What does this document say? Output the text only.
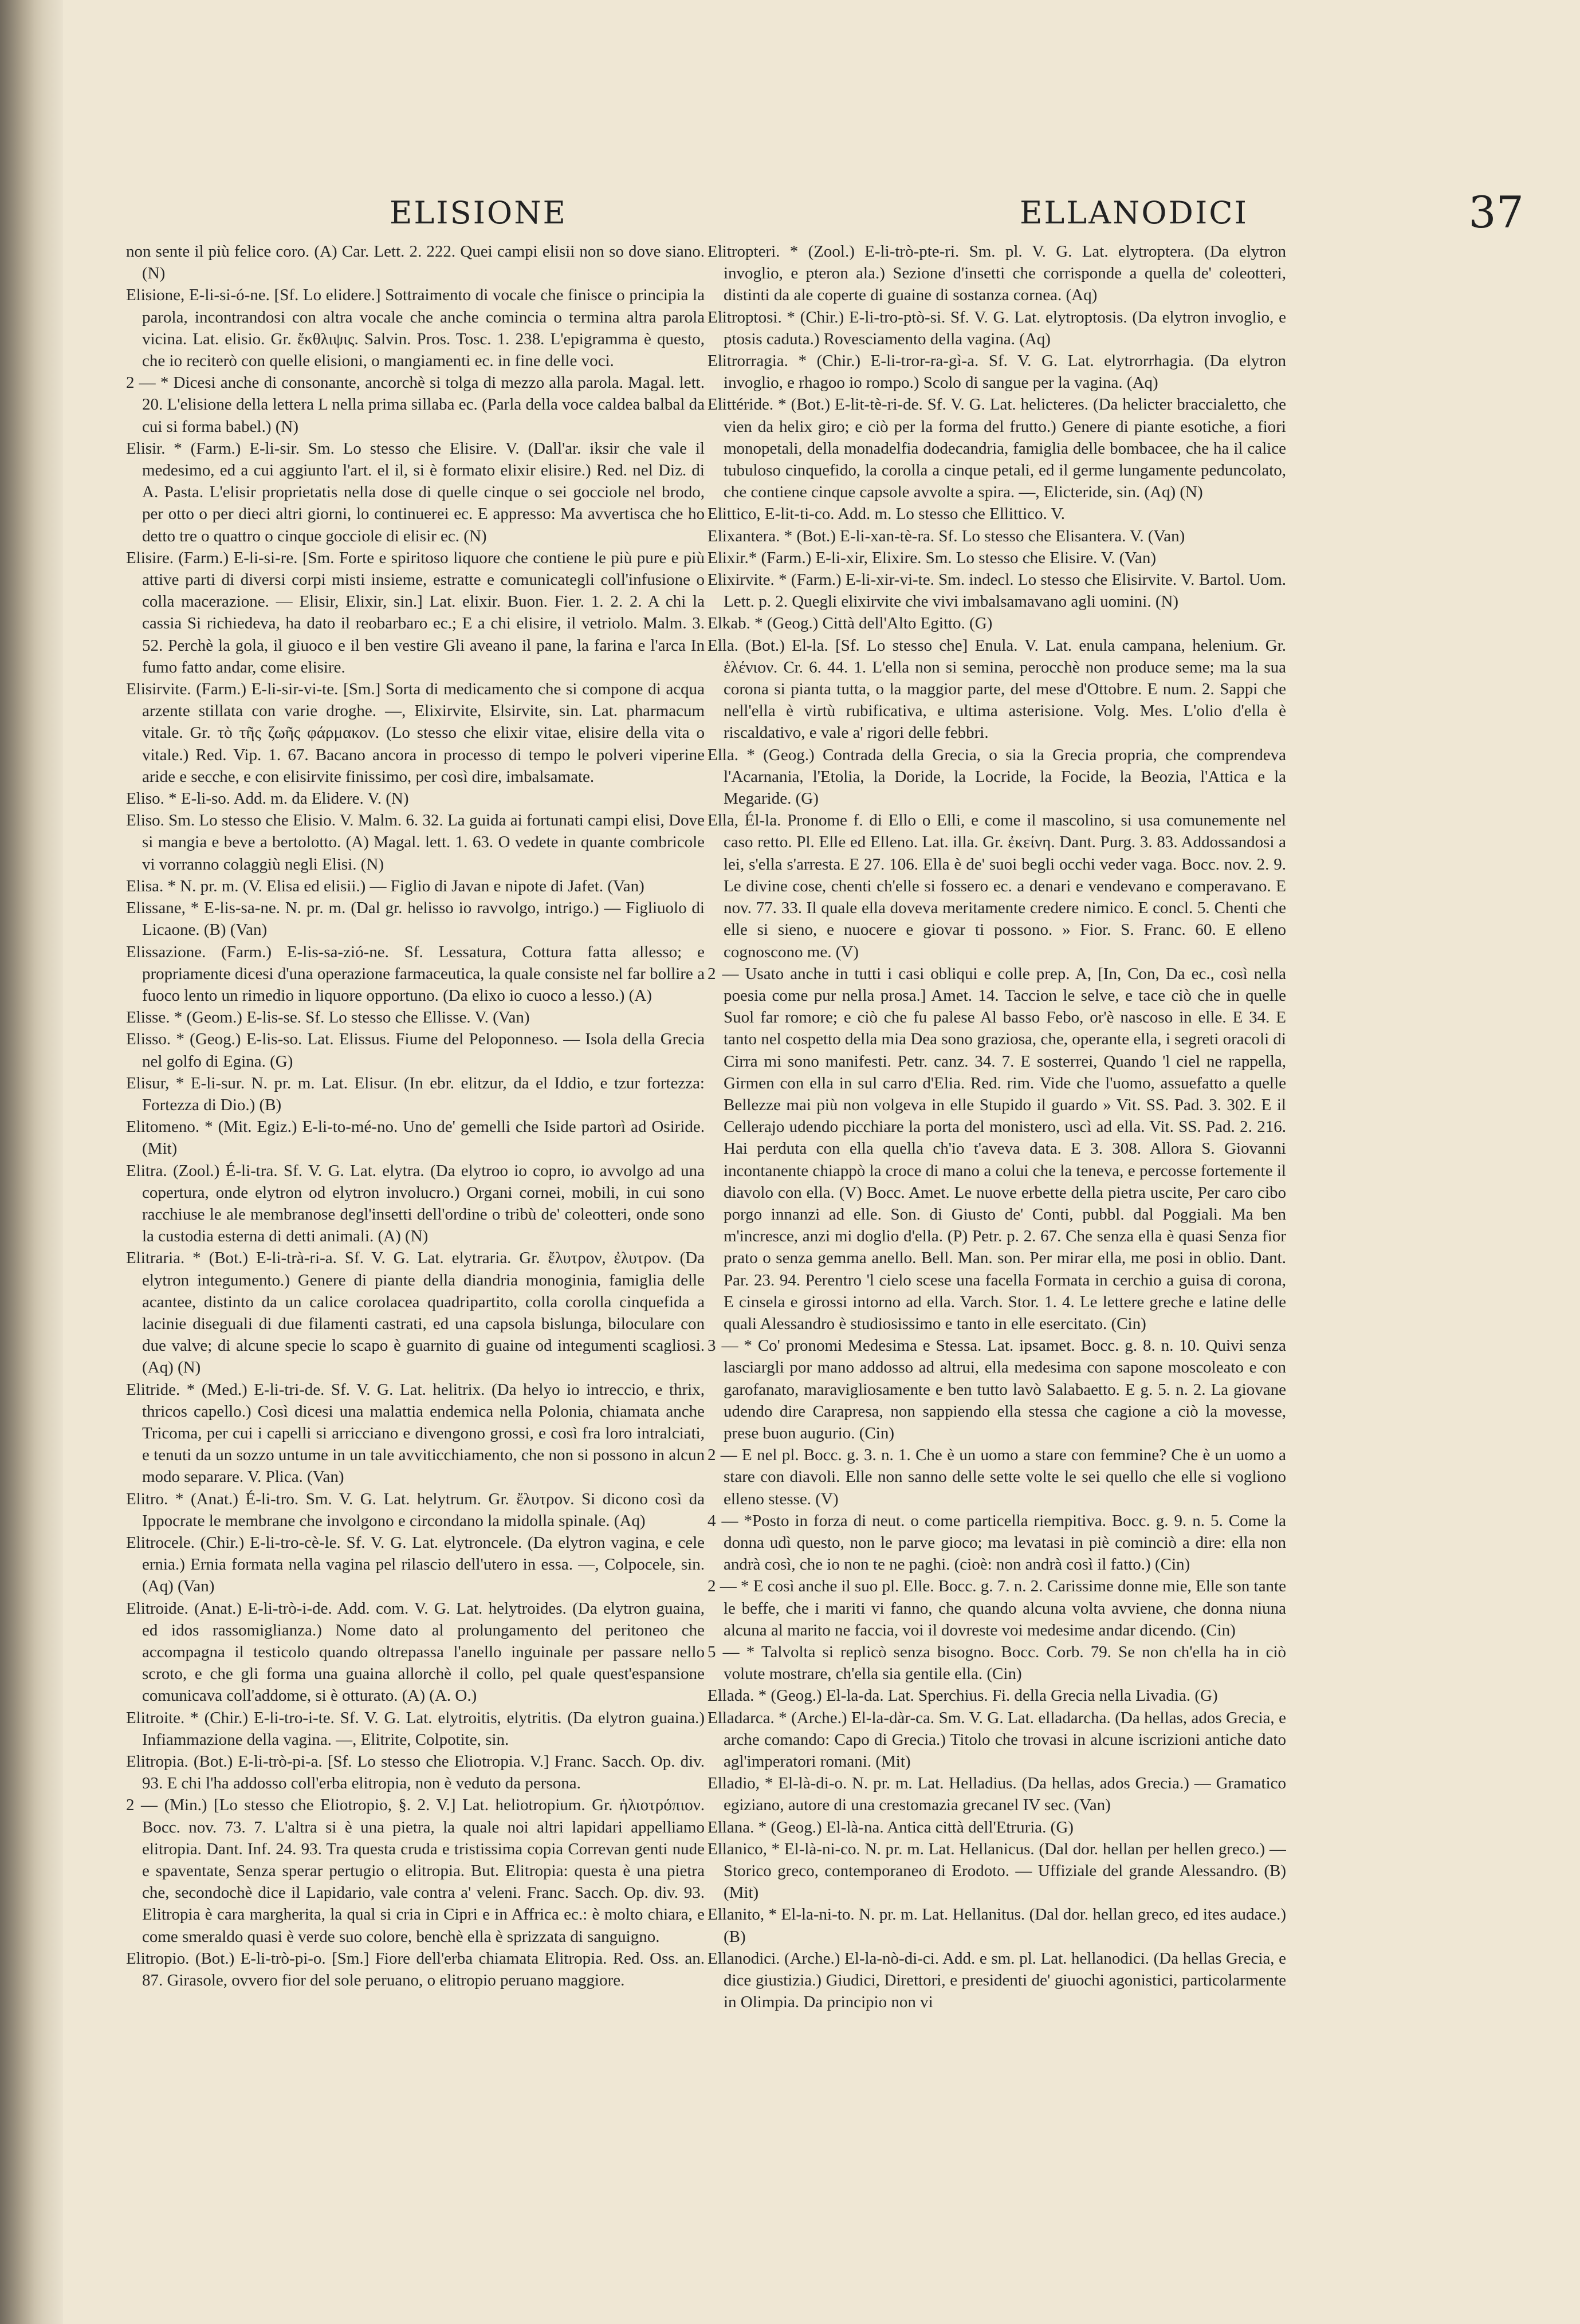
ELISIONE	ELLANODICI	37

non sente il più felice coro. (A) Car. Lett. 2. 222. Quei campi elisii non so dove siano. (N)

Elisione, E-li-si-ó-ne. [Sf. Lo elidere.] Sottraimento di vocale che finisce o principia la parola, incontrandosi con altra vocale che anche comincia o termina altra parola vicina. Lat. elisio. Gr. ἔκθλιψις. Salvin. Pros. Tosc. 1. 238. L'epigramma è questo, che io reciterò con quelle elisioni, o mangiamenti ec. in fine delle voci.

2 — * Dicesi anche di consonante, ancorchè si tolga di mezzo alla parola. Magal. lett. 20. L'elisione della lettera L nella prima sillaba ec. (Parla della voce caldea balbal da cui si forma babel.) (N)

Elisir. * (Farm.) E-li-sir. Sm. Lo stesso che Elisire. V. (Dall'ar. iksir che vale il medesimo, ed a cui aggiunto l'art. el il, si è formato elixir elisire.) Red. nel Diz. di A. Pasta. L'elisir proprietatis nella dose di quelle cinque o sei gocciole nel brodo, per otto o per dieci altri giorni, lo continuerei ec. E appresso: Ma avvertisca che ho detto tre o quattro o cinque gocciole di elisir ec. (N)

Elisire. (Farm.) E-li-si-re. [Sm. Forte e spiritoso liquore che contiene le più pure e più attive parti di diversi corpi misti insieme, estratte e comunicategli coll'infusione o colla macerazione. — Elisir, Elixir, sin.] Lat. elixir. Buon. Fier. 1. 2. 2. A chi la cassia Si richiedeva, ha dato il reobarbaro ec.; E a chi elisire, il vetriolo. Malm. 3. 52. Perchè la gola, il giuoco e il ben vestire Gli aveano il pane, la farina e l'arca In fumo fatto andar, come elisire.

Elisirvite. (Farm.) E-li-sir-vi-te. [Sm.] Sorta di medicamento che si compone di acqua arzente stillata con varie droghe. —, Elixirvite, Elsirvite, sin. Lat. pharmacum vitale. Gr. τὸ τῆς ζωῆς φάρμακον. (Lo stesso che elixir vitae, elisire della vita o vitale.) Red. Vip. 1. 67. Bacano ancora in processo di tempo le polveri viperine aride e secche, e con elisirvite finissimo, per così dire, imbalsamate.

Eliso. * E-li-so. Add. m. da Elidere. V. (N)

Eliso. Sm. Lo stesso che Elisio. V. Malm. 6. 32. La guida ai fortunati campi elisi, Dove si mangia e beve a bertolotto. (A) Magal. lett. 1. 63. O vedete in quante combricole vi vorranno colaggiù negli Elisi. (N)

Elisa. * N. pr. m. (V. Elisa ed elisii.) — Figlio di Javan e nipote di Jafet. (Van)

Elissane, * E-lis-sa-ne. N. pr. m. (Dal gr. helisso io ravvolgo, intrigo.) — Figliuolo di Licaone. (B) (Van)

Elissazione. (Farm.) E-lis-sa-zió-ne. Sf. Lessatura, Cottura fatta allesso; e propriamente dicesi d'una operazione farmaceutica, la quale consiste nel far bollire a fuoco lento un rimedio in liquore opportuno. (Da elixo io cuoco a lesso.) (A)

Elisse. * (Geom.) E-lis-se. Sf. Lo stesso che Ellisse. V. (Van)

Elisso. * (Geog.) E-lis-so. Lat. Elissus. Fiume del Peloponneso. — Isola della Grecia nel golfo di Egina. (G)

Elisur, * E-li-sur. N. pr. m. Lat. Elisur. (In ebr. elitzur, da el Iddio, e tzur fortezza: Fortezza di Dio.) (B)

Elitomeno. * (Mit. Egiz.) E-li-to-mé-no. Uno de' gemelli che Iside partorì ad Osiride. (Mit)

Elitra. (Zool.) É-li-tra. Sf. V. G. Lat. elytra. (Da elytroo io copro, io avvolgo ad una copertura, onde elytron od elytron involucro.) Organi cornei, mobili, in cui sono racchiuse le ale membranose degl'insetti dell'ordine o tribù de' coleotteri, onde sono la custodia esterna di detti animali. (A) (N)

Elitraria. * (Bot.) E-li-trà-ri-a. Sf. V. G. Lat. elytraria. Gr. ἔλυτρον, ἐλυτρον. (Da elytron integumento.) Genere di piante della diandria monoginia, famiglia delle acantee, distinto da un calice corolacea quadripartito, colla corolla cinquefida a lacinie diseguali di due filamenti castrati, ed una capsola bislunga, biloculare con due valve; di alcune specie lo scapo è guarnito di guaine od integumenti scagliosi. (Aq) (N)

Elitride. * (Med.) E-li-tri-de. Sf. V. G. Lat. helitrix. (Da helyo io intreccio, e thrix, thricos capello.) Così dicesi una malattia endemica nella Polonia, chiamata anche Tricoma, per cui i capelli si arricciano e divengono grossi, e così fra loro intralciati, e tenuti da un sozzo untume in un tale avviticchiamento, che non si possono in alcun modo separare. V. Plica. (Van)

Elitro. * (Anat.) É-li-tro. Sm. V. G. Lat. helytrum. Gr. ἔλυτρον. Si dicono così da Ippocrate le membrane che involgono e circondano la midolla spinale. (Aq)

Elitrocele. (Chir.) E-li-tro-cè-le. Sf. V. G. Lat. elytroncele. (Da elytron vagina, e cele ernia.) Ernia formata nella vagina pel rilascio dell'utero in essa. —, Colpocele, sin. (Aq) (Van)

Elitroide. (Anat.) E-li-trò-i-de. Add. com. V. G. Lat. helytroides. (Da elytron guaina, ed idos rassomiglianza.) Nome dato al prolungamento del peritoneo che accompagna il testicolo quando oltrepassa l'anello inguinale per passare nello scroto, e che gli forma una guaina allorchè il collo, pel quale quest'espansione comunicava coll'addome, si è otturato. (A) (A. O.)

Elitroite. * (Chir.) E-li-tro-i-te. Sf. V. G. Lat. elytroitis, elytritis. (Da elytron guaina.) Infiammazione della vagina. —, Elitrite, Colpotite, sin.

Elitropia. (Bot.) E-li-trò-pi-a. [Sf. Lo stesso che Eliotropia. V.] Franc. Sacch. Op. div. 93. E chi l'ha addosso coll'erba elitropia, non è veduto da persona.

2 — (Min.) [Lo stesso che Eliotropio, §. 2. V.] Lat. heliotropium. Gr. ἡλιοτρόπιον. Bocc. nov. 73. 7. L'altra si è una pietra, la quale noi altri lapidari appelliamo elitropia. Dant. Inf. 24. 93. Tra questa cruda e tristissima copia Correvan genti nude e spaventate, Senza sperar pertugio o elitropia. But. Elitropia: questa è una pietra che, secondochè dice il Lapidario, vale contra a' veleni. Franc. Sacch. Op. div. 93. Elitropia è cara margherita, la qual si cria in Cipri e in Affrica ec.: è molto chiara, e come smeraldo quasi è verde suo colore, benchè ella è sprizzata di sanguigno.

Elitropio. (Bot.) E-li-trò-pi-o. [Sm.] Fiore dell'erba chiamata Elitropia. Red. Oss. an. 87. Girasole, ovvero fior del sole peruano, o elitropio peruano maggiore.

Elitropteri. * (Zool.) E-li-trò-pte-ri. Sm. pl. V. G. Lat. elytroptera. (Da elytron invoglio, e pteron ala.) Sezione d'insetti che corrisponde a quella de' coleotteri, distinti da ale coperte di guaine di sostanza cornea. (Aq)

Elitroptosi. * (Chir.) E-li-tro-ptò-si. Sf. V. G. Lat. elytroptosis. (Da elytron invoglio, e ptosis caduta.) Rovesciamento della vagina. (Aq)

Elitrorragia. * (Chir.) E-li-tror-ra-gì-a. Sf. V. G. Lat. elytrorrhagia. (Da elytron invoglio, e rhagoo io rompo.) Scolo di sangue per la vagina. (Aq)

Elittéride. * (Bot.) E-lit-tè-ri-de. Sf. V. G. Lat. helicteres. (Da helicter braccialetto, che vien da helix giro; e ciò per la forma del frutto.) Genere di piante esotiche, a fiori monopetali, della monadelfia dodecandria, famiglia delle bombacee, che ha il calice tubuloso cinquefido, la corolla a cinque petali, ed il germe lungamente peduncolato, che contiene cinque capsole avvolte a spira. —, Elicteride, sin. (Aq) (N)

Elittico, E-lit-ti-co. Add. m. Lo stesso che Ellittico. V.

Elixantera. * (Bot.) E-li-xan-tè-ra. Sf. Lo stesso che Elisantera. V. (Van)

Elixir.* (Farm.) E-li-xir, Elixire. Sm. Lo stesso che Elisire. V. (Van)

Elixirvite. * (Farm.) E-li-xir-vi-te. Sm. indecl. Lo stesso che Elisirvite. V. Bartol. Uom. Lett. p. 2. Quegli elixirvite che vivi imbalsamavano agli uomini. (N)

Elkab. * (Geog.) Città dell'Alto Egitto. (G)

Ella. (Bot.) El-la. [Sf. Lo stesso che] Enula. V. Lat. enula campana, helenium. Gr. ἑλένιον. Cr. 6. 44. 1. L'ella non si semina, perocchè non produce seme; ma la sua corona si pianta tutta, o la maggior parte, del mese d'Ottobre. E num. 2. Sappi che nell'ella è virtù rubificativa, e ultima asterisione. Volg. Mes. L'olio d'ella è riscaldativo, e vale a' rigori delle febbri.

Ella. * (Geog.) Contrada della Grecia, o sia la Grecia propria, che comprendeva l'Acarnania, l'Etolia, la Doride, la Locride, la Focide, la Beozia, l'Attica e la Megaride. (G)

Ella, Él-la. Pronome f. di Ello o Elli, e come il mascolino, si usa comunemente nel caso retto. Pl. Elle ed Elleno. Lat. illa. Gr. ἐκείνη. Dant. Purg. 3. 83. Addossandosi a lei, s'ella s'arresta. E 27. 106. Ella è de' suoi begli occhi veder vaga. Bocc. nov. 2. 9. Le divine cose, chenti ch'elle si fossero ec. a denari e vendevano e comperavano. E nov. 77. 33. Il quale ella doveva meritamente credere nimico. E concl. 5. Chenti che elle si sieno, e nuocere e giovar ti possono. » Fior. S. Franc. 60. E elleno cognoscono me. (V)

2 — Usato anche in tutti i casi obliqui e colle prep. A, [In, Con, Da ec., così nella poesia come pur nella prosa.] Amet. 14. Taccion le selve, e tace ciò che in quelle Suol far romore; e ciò che fu palese Al basso Febo, or'è nascoso in elle. E 34. E tanto nel cospetto della mia Dea sono graziosa, che, operante ella, i segreti oracoli di Cirra mi sono manifesti. Petr. canz. 34. 7. E sosterrei, Quando 'l ciel ne rappella, Girmen con ella in sul carro d'Elia. Red. rim. Vide che l'uomo, assuefatto a quelle Bellezze mai più non volgeva in elle Stupido il guardo » Vit. SS. Pad. 3. 302. E il Cellerajo udendo picchiare la porta del monistero, uscì ad ella. Vit. SS. Pad. 2. 216. Hai perduta con ella quella ch'io t'aveva data. E 3. 308. Allora S. Giovanni incontanente chiappò la croce di mano a colui che la teneva, e percosse fortemente il diavolo con ella. (V) Bocc. Amet. Le nuove erbette della pietra uscite, Per caro cibo porgo innanzi ad elle. Son. di Giusto de' Conti, pubbl. dal Poggiali. Ma ben m'increscе, anzi mi doglio d'ella. (P) Petr. p. 2. 67. Che senza ella è quasi Senza fior prato o senza gemma anello. Bell. Man. son. Per mirar ella, me posi in oblio. Dant. Par. 23. 94. Perentro 'l cielo scese una facella Formata in cerchio a guisa di corona, E cinsela e girossi intorno ad ella. Varch. Stor. 1. 4. Le lettere greche e latine delle quali Alessandro è studiosissimo e tanto in elle esercitato. (Cin)

3 — * Co' pronomi Medesima e Stessa. Lat. ipsamet. Bocc. g. 8. n. 10. Quivi senza lasciargli por mano addosso ad altrui, ella medesima con sapone moscoleato e con garofanato, maravigliosamente e ben tutto lavò Salabaetto. E g. 5. n. 2. La giovane udendo dire Carapresa, non sappiendo ella stessa che cagione a ciò la movesse, prese buon augurio. (Cin)

2 — E nel pl. Bocc. g. 3. n. 1. Che è un uomo a stare con femmine? Che è un uomo a stare con diavoli. Elle non sanno delle sette volte le sei quello che elle si vogliono elleno stesse. (V)

4 — *Posto in forza di neut. o come particella riempitiva. Bocc. g. 9. n. 5. Come la donna udì questo, non le parve gioco; ma levatasi in piè cominciò a dire: ella non andrà così, che io non te ne paghi. (cioè: non andrà così il fatto.) (Cin)

2 — * E così anche il suo pl. Elle. Bocc. g. 7. n. 2. Carissime donne mie, Elle son tante le beffe, che i mariti vi fanno, che quando alcuna volta avviene, che donna niuna alcuna al marito ne faccia, voi il dovreste voi medesime andar dicendo. (Cin)

5 — * Talvolta si replicò senza bisogno. Bocc. Corb. 79. Se non ch'ella ha in ciò volute mostrare, ch'ella sia gentile ella. (Cin)

Ellada. * (Geog.) El-la-da. Lat. Sperchius. Fi. della Grecia nella Livadia. (G)

Elladarca. * (Arche.) El-la-dàr-ca. Sm. V. G. Lat. elladarcha. (Da hellas, ados Grecia, e arche comando: Capo di Grecia.) Titolo che trovasi in alcune iscrizioni antiche dato agl'imperatori romani. (Mit)

Elladio, * El-là-di-o. N. pr. m. Lat. Helladius. (Da hellas, ados Grecia.) — Gramatico egiziano, autore di una crestomazia grecanel IV sec. (Van)

Ellana. * (Geog.) El-là-na. Antica città dell'Etruria. (G)

Ellanico, * El-là-ni-co. N. pr. m. Lat. Hellanicus. (Dal dor. hellan per hellen greco.) — Storico greco, contemporaneo di Erodoto. — Uffiziale del grande Alessandro. (B) (Mit)

Ellanito, * El-la-ni-to. N. pr. m. Lat. Hellanitus. (Dal dor. hellan greco, ed ites audace.) (B)

Ellanodici. (Arche.) El-la-nò-di-ci. Add. e sm. pl. Lat. hellanodici. (Da hellas Grecia, e dice giustizia.) Giudici, Direttori, e presidenti de' giuochi agonistici, particolarmente in Olimpia. Da principio non vi
